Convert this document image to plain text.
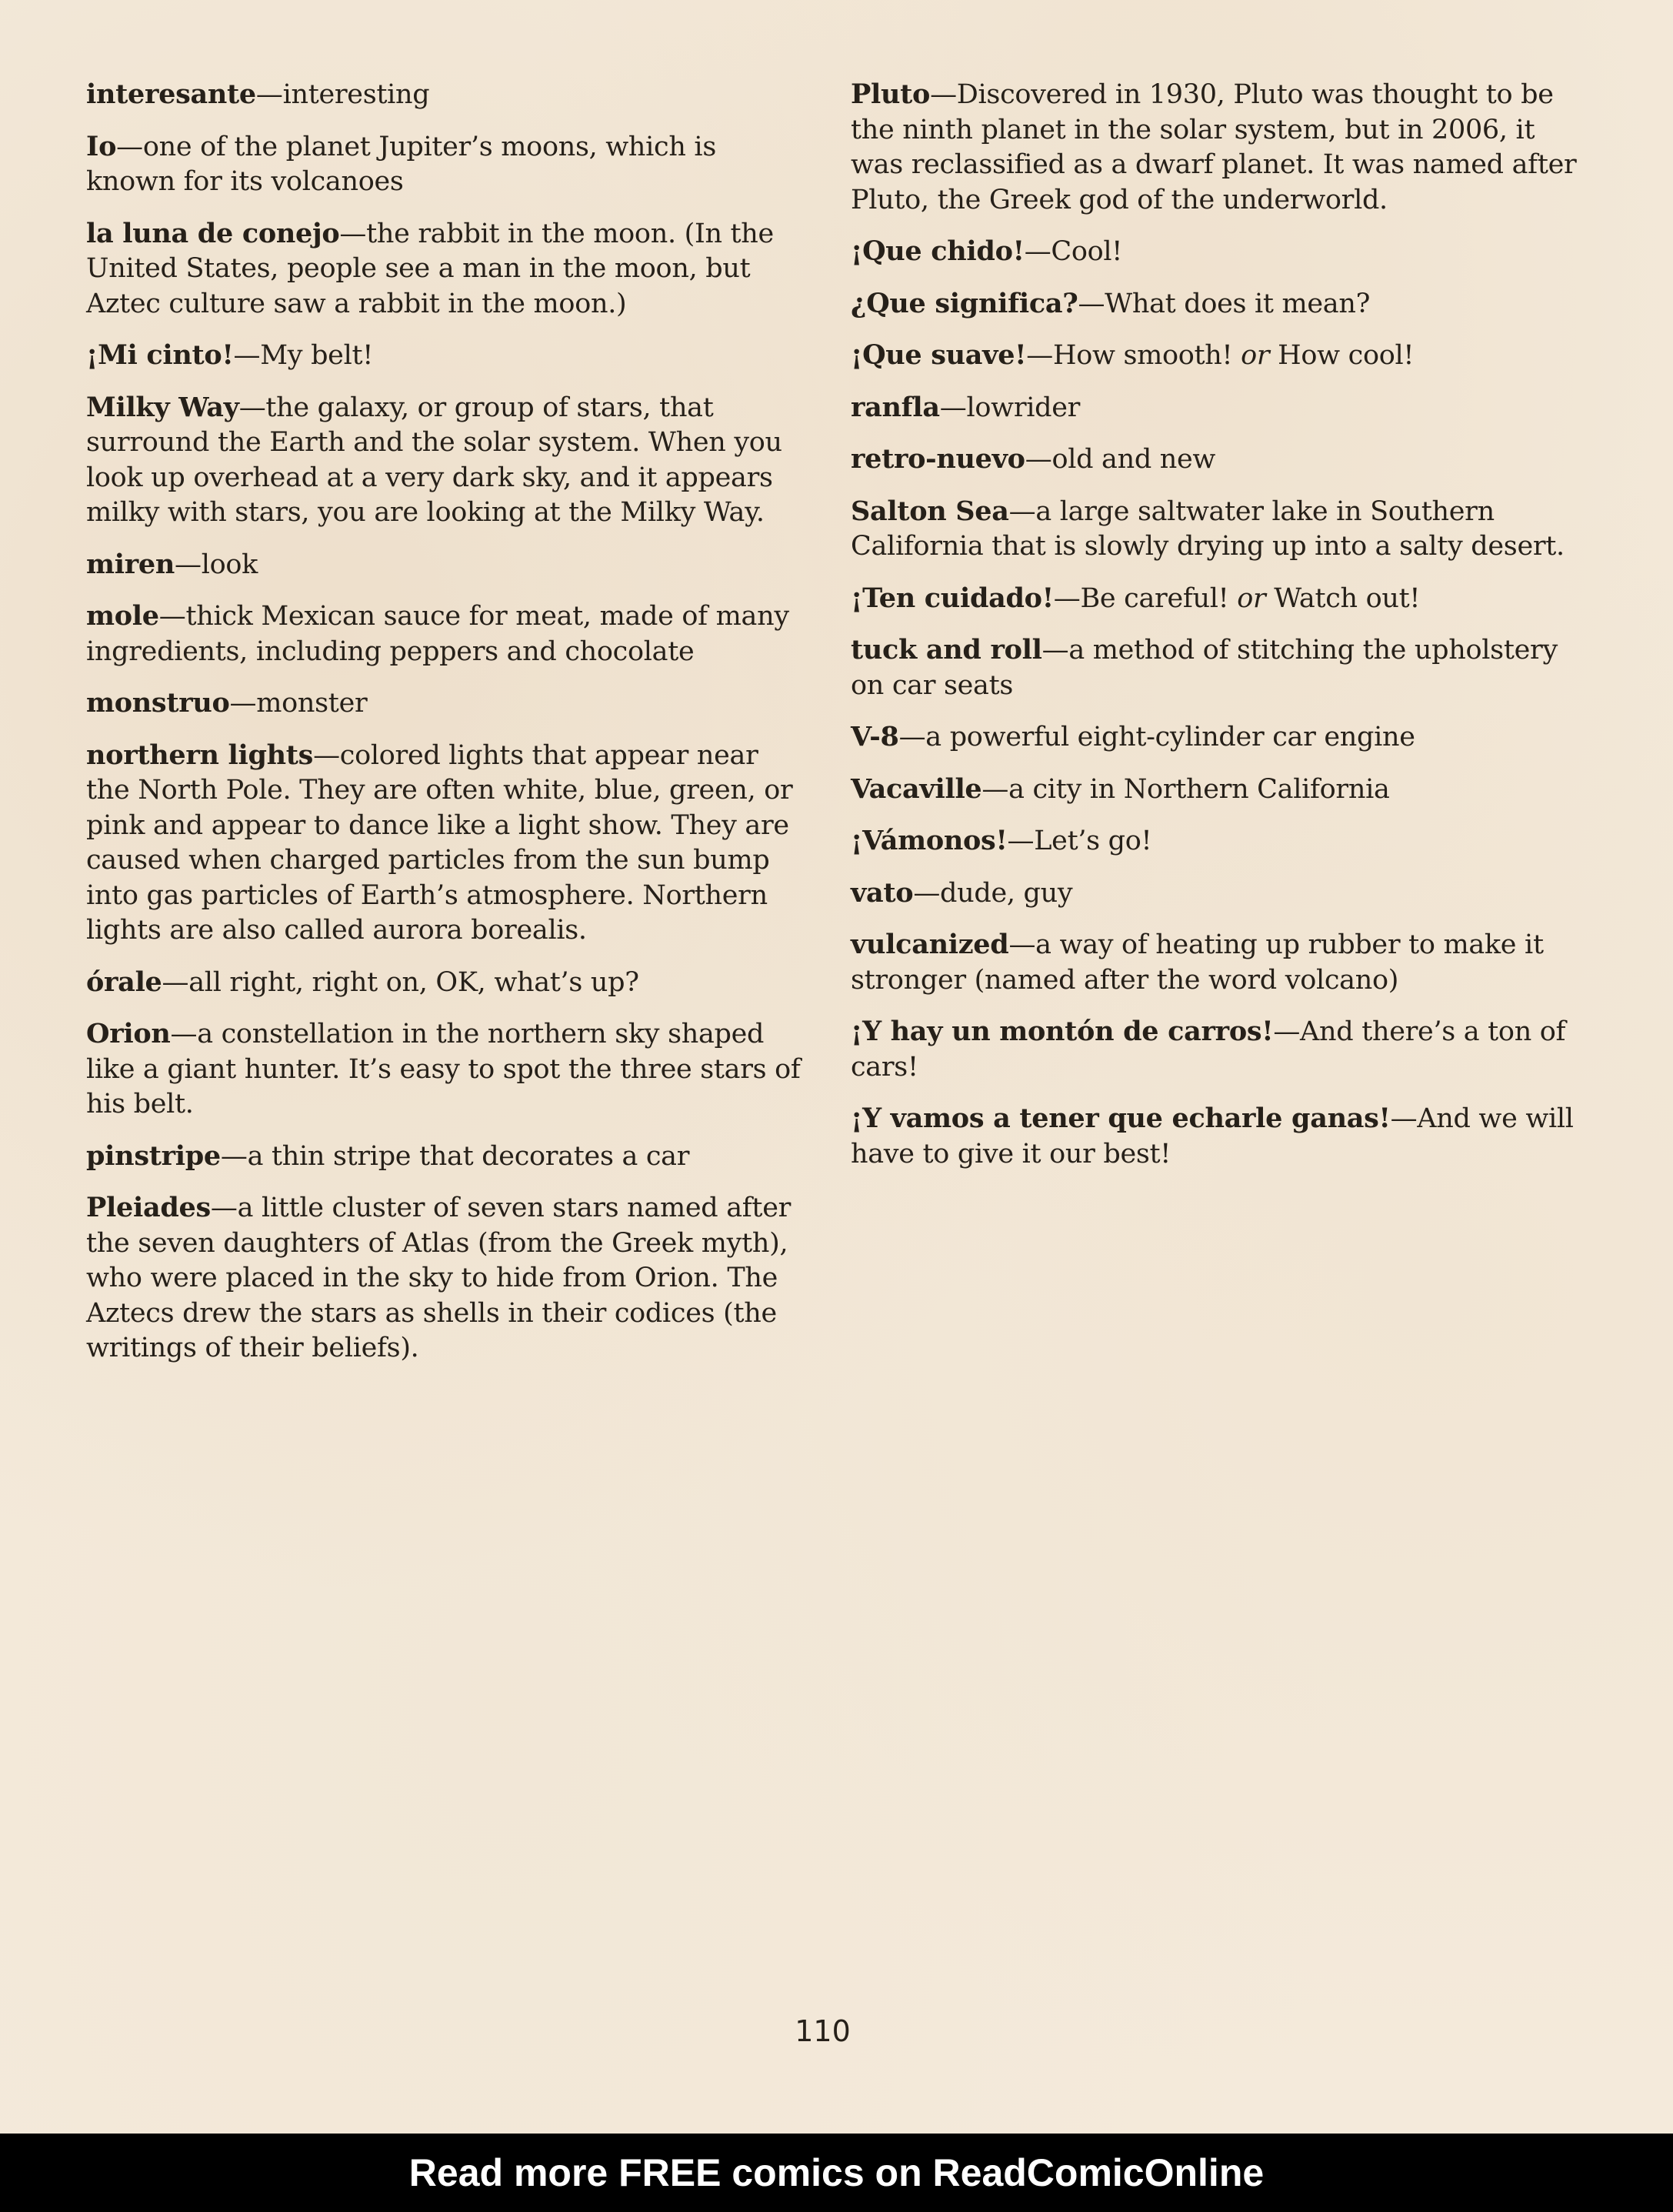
interesante—interesting

Io—one of the planet Jupiter’s moons, which is known for its volcanoes

la luna de conejo—the rabbit in the moon. (In the United States, people see a man in the moon, but Aztec culture saw a rabbit in the moon.)

¡Mi cinto!—My belt!

Milky Way—the galaxy, or group of stars, that surround the Earth and the solar system. When you look up overhead at a very dark sky, and it appears milky with stars, you are looking at the Milky Way.

miren—look

mole—thick Mexican sauce for meat, made of many ingredients, including peppers and chocolate

monstruo—monster

northern lights—colored lights that appear near the North Pole. They are often white, blue, green, or pink and appear to dance like a light show. They are caused when charged particles from the sun bump into gas particles of Earth’s atmosphere. Northern lights are also called aurora borealis.

órale—all right, right on, OK, what’s up?

Orion—a constellation in the northern sky shaped like a giant hunter. It’s easy to spot the three stars of his belt.

pinstripe—a thin stripe that decorates a car

Pleiades—a little cluster of seven stars named after the seven daughters of Atlas (from the Greek myth), who were placed in the sky to hide from Orion. The Aztecs drew the stars as shells in their codices (the writings of their beliefs).

Pluto—Discovered in 1930, Pluto was thought to be the ninth planet in the solar system, but in 2006, it was reclassified as a dwarf planet. It was named after Pluto, the Greek god of the underworld.

¡Que chido!—Cool!

¿Que significa?—What does it mean?

¡Que suave!—How smooth! or How cool!

ranfla—lowrider

retro-nuevo—old and new

Salton Sea—a large saltwater lake in Southern California that is slowly drying up into a salty desert.

¡Ten cuidado!—Be careful! or Watch out!

tuck and roll—a method of stitching the upholstery on car seats

V-8—a powerful eight-cylinder car engine

Vacaville—a city in Northern California

¡Vámonos!—Let’s go!

vato—dude, guy

vulcanized—a way of heating up rubber to make it stronger (named after the word volcano)

¡Y hay un montón de carros!—And there’s a ton of cars!

¡Y vamos a tener que echarle ganas!—And we will have to give it our best!

110
Read more FREE comics on ReadComicOnline
